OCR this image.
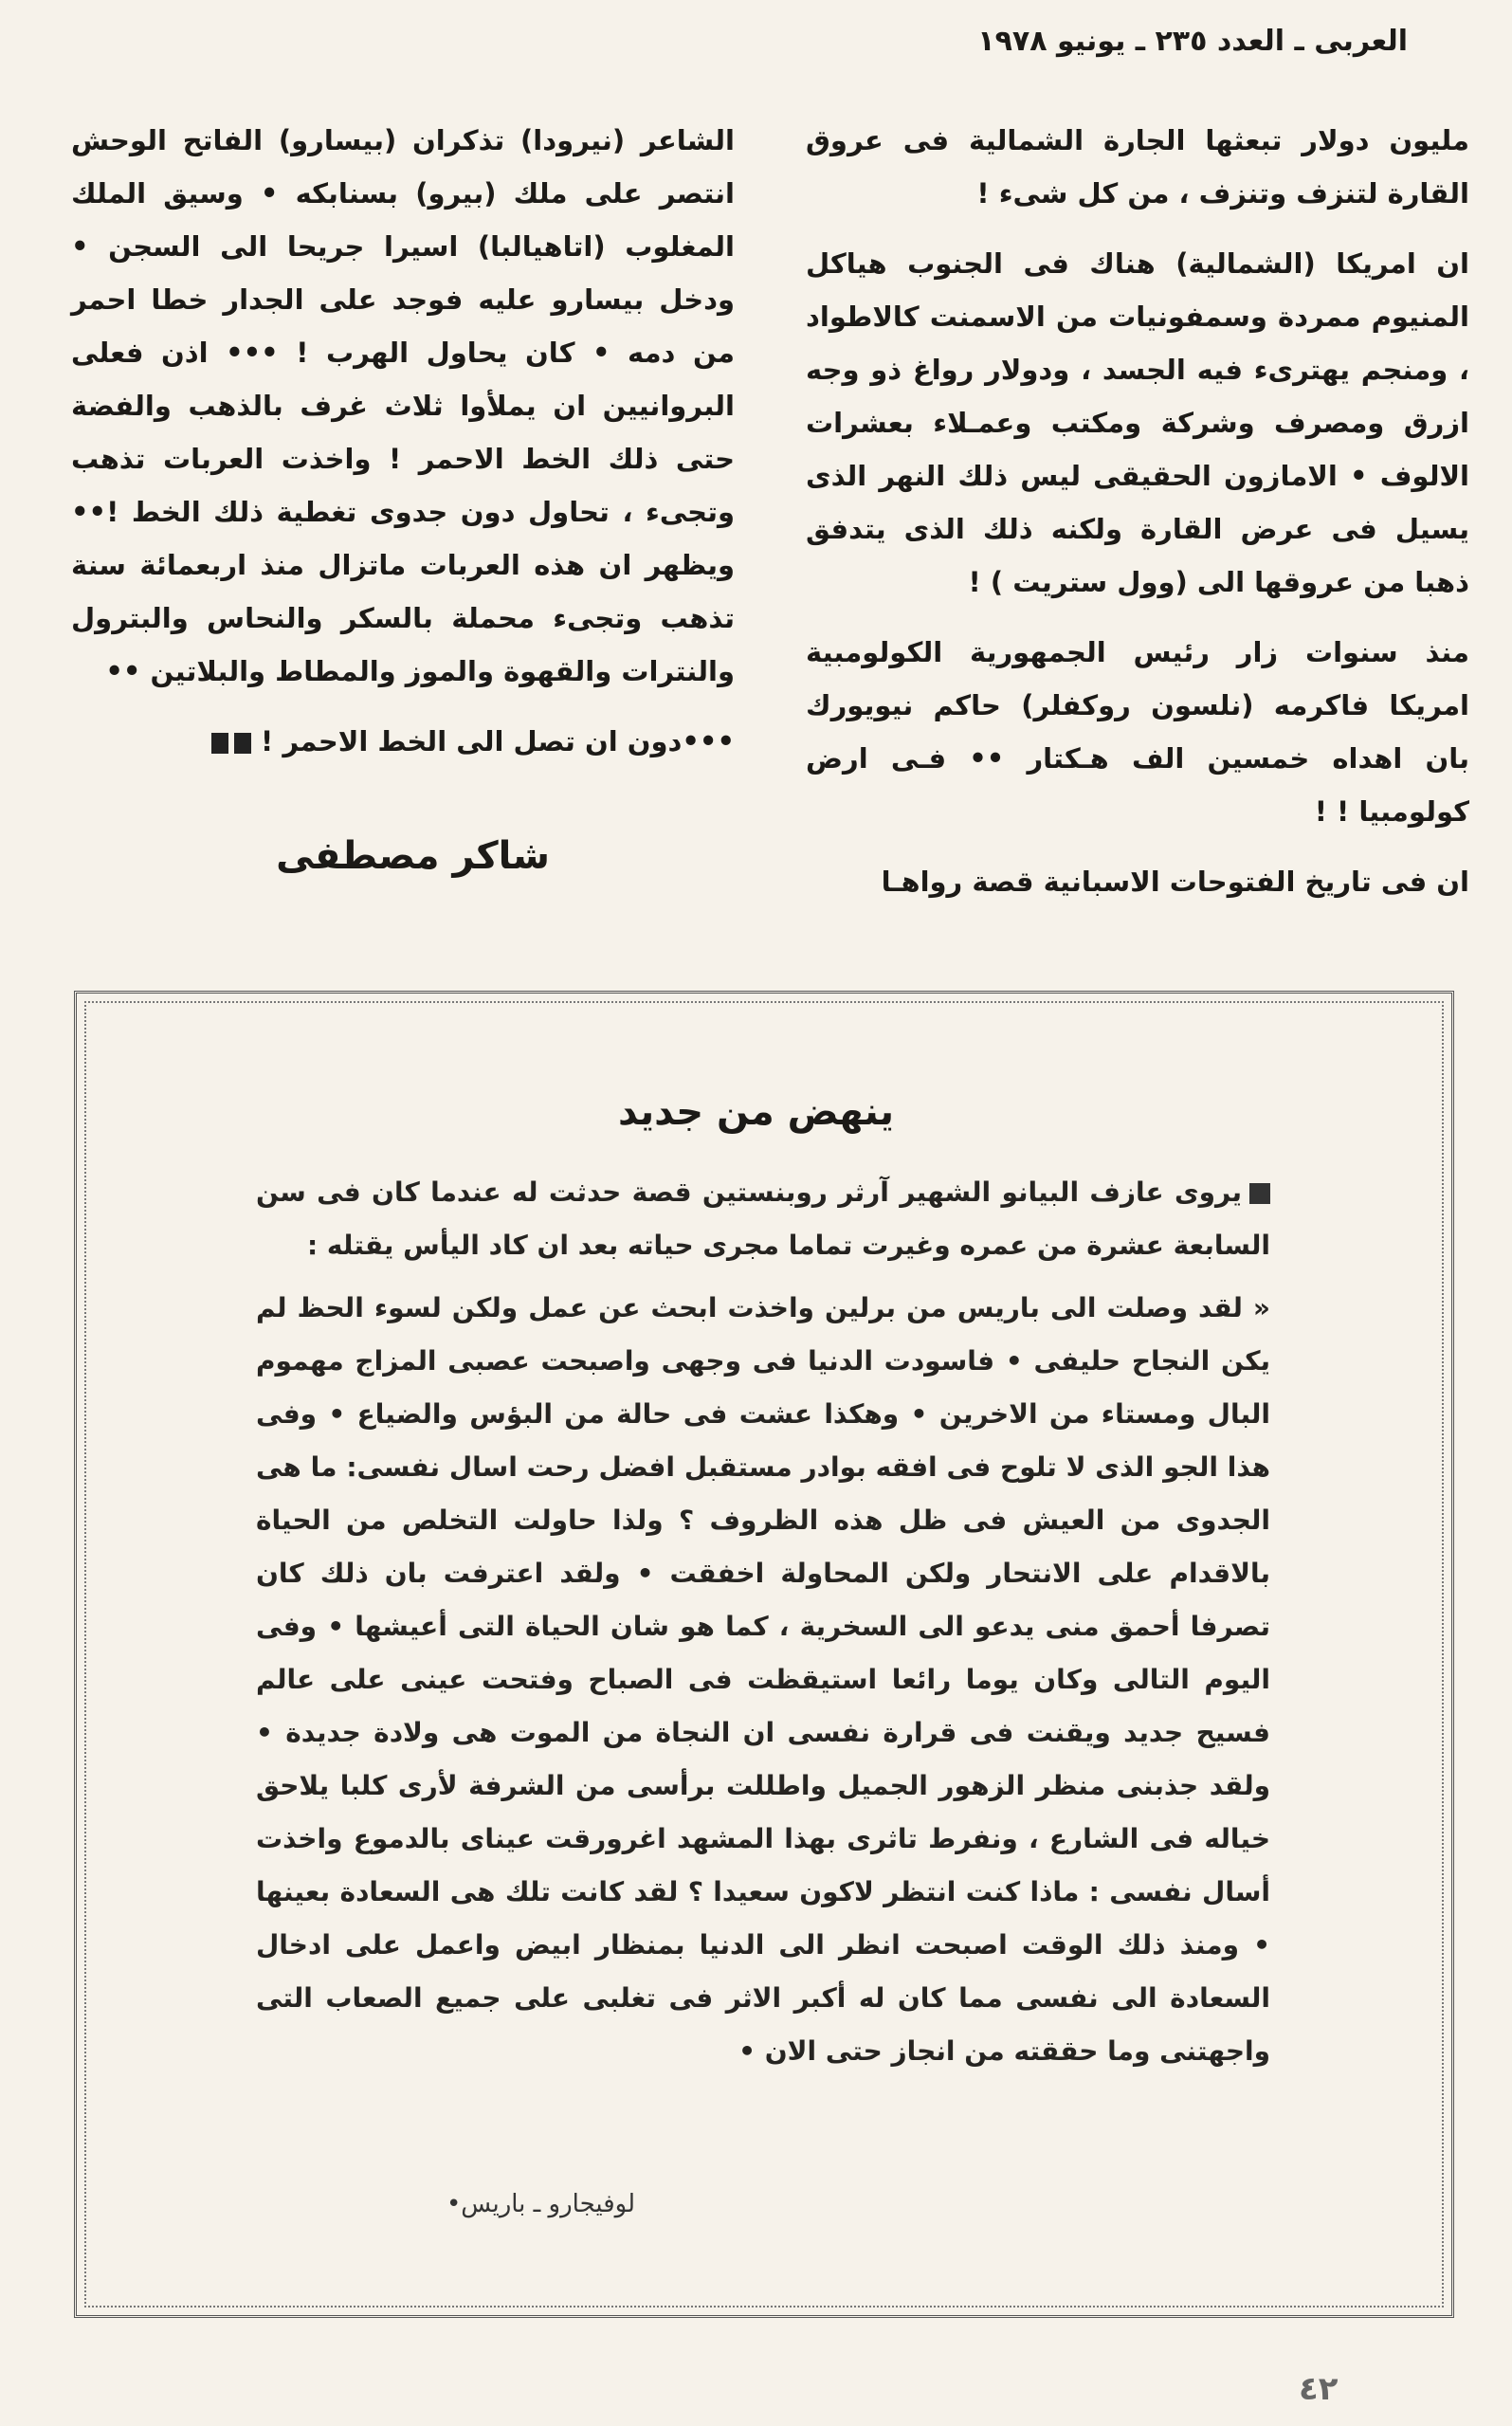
العربى ـ العدد ٢٣٥ ـ يونيو ١٩٧٨

مليون دولار تبعثها الجارة الشمالية فى عروق القارة لتنزف وتنزف ، من كل شىء !

ان امريكا (الشمالية) هناك فى الجنوب هياكل المنيوم ممردة وسمفونيات من الاسمنت كالاطواد ، ومنجم يهترىء فيه الجسد ، ودولار رواغ ذو وجه ازرق ومصرف وشركة ومكتب وعمـلاء بعشرات الالوف • الامازون الحقيقى ليس ذلك النهر الذى يسيل فى عرض القارة ولكنه ذلك الذى يتدفق ذهبا من عروقها الى (وول ستريت ) !

منذ سنوات زار رئيس الجمهورية الكولومبية امريكا فاكرمه (نلسون روكفلر) حاكم نيويورك بان اهداه خمسين الف هـكتار •• فـى ارض كولومبيا ! !

ان فى تاريخ الفتوحات الاسبانية قصة رواهـا

الشاعر (نيرودا) تذكران (بيسارو) الفاتح الوحش انتصر على ملك (بيرو) بسنابكه • وسيق الملك المغلوب (اتاهيالبا) اسيرا جريحا الى السجن • ودخل بيسارو عليه فوجد على الجدار خطا احمر من دمه • كان يحاول الهرب ! ••• اذن فعلى البروانيين ان يملأوا ثلاث غرف بالذهب والفضة حتى ذلك الخط الاحمر ! واخذت العربات تذهب وتجىء ، تحاول دون جدوى تغطية ذلك الخط !•• ويظهر ان هذه العربات ماتزال منذ اربعمائة سنة تذهب وتجىء محملة بالسكر والنحاس والبترول والنترات والقهوة والموز والمطاط والبلاتين ••

•••دون ان تصل الى الخط الاحمر !

شاكر مصطفى
ينهض من جديد

يروى عازف البيانو الشهير آرثر روبنستين قصة حدثت له عندما كان فى سن السابعة عشرة من عمره وغيرت تماما مجرى حياته بعد ان كاد اليأس يقتله :

« لقد وصلت الى باريس من برلين واخذت ابحث عن عمل ولكن لسوء الحظ لم يكن النجاح حليفى • فاسودت الدنيا فى وجهى واصبحت عصبى المزاج مهموم البال ومستاء من الاخرين • وهكذا عشت فى حالة من البؤس والضياع • وفى هذا الجو الذى لا تلوح فى افقه بوادر مستقبل افضل رحت اسال نفسى: ما هى الجدوى من العيش فى ظل هذه الظروف ؟ ولذا حاولت التخلص من الحياة بالاقدام على الانتحار ولكن المحاولة اخفقت • ولقد اعترفت بان ذلك كان تصرفا أحمق منى يدعو الى السخرية ، كما هو شان الحياة التى أعيشها • وفى اليوم التالى وكان يوما رائعا استيقظت فى الصباح وفتحت عينى على عالم فسيح جديد ويقنت فى قرارة نفسى ان النجاة من الموت هى ولادة جديدة • ولقد جذبنى منظر الزهور الجميل واطللت برأسى من الشرفة لأرى كلبا يلاحق خياله فى الشارع ، ونفرط تاثرى بهذا المشهد اغرورقت عيناى بالدموع واخذت أسال نفسى : ماذا كنت انتظر لاكون سعيدا ؟ لقد كانت تلك هى السعادة بعينها • ومنذ ذلك الوقت اصبحت انظر الى الدنيا بمنظار ابيض واعمل على ادخال السعادة الى نفسى مما كان له أكبر الاثر فى تغلبى على جميع الصعاب التى واجهتنى وما حققته من انجاز حتى الان •

لوفيجارو ـ باريس•
٤٢
